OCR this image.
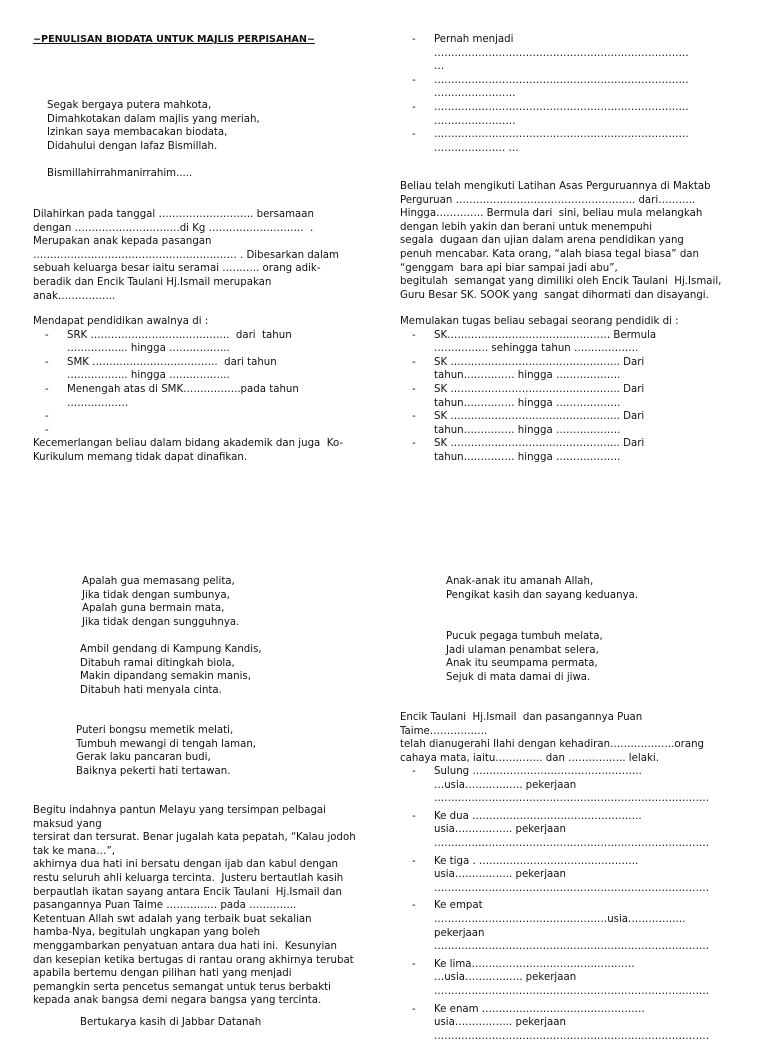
~PENULISAN BIODATA UNTUK MAJLIS PERPISAHAN~
Segak bergaya putera mahkota,
Dimahkotakan dalam majlis yang meriah,
Izinkan saya membacakan biodata,
Didahului dengan lafaz Bismillah.
Bismillahirrahmanirrahim.....
Dilahirkan pada tanggal ………………………. bersamaan
dengan ………………………….di Kg ……………………….  .
Merupakan anak kepada pasangan
…………………………………………………… . Dibesarkan dalam
sebuah keluarga besar iaitu seramai ……….. orang adik-
beradik dan Encik Taulani Hj.Ismail merupakan
anak……………..
Mendapat pendidikan awalnya di :
- SRK …………………………………..  dari  tahun
……………... hingga ……………...
- SMK ……………………………….  dari tahun
……………... hingga ……………...
- Menengah atas di SMK……………..pada tahun
………………
-

-

Kecemerlangan beliau dalam bidang akademik dan juga  Ko-
Kurikulum memang tidak dapat dinafikan.
Apalah gua memasang pelita,
Jika tidak dengan sumbunya,
Apalah guna bermain mata,
Jika tidak dengan sungguhnya.
Ambil gendang di Kampung Kandis,
Ditabuh ramai ditingkah biola,
Makin dipandang semakin manis,
Ditabuh hati menyala cinta.
Puteri bongsu memetik melati,
Tumbuh mewangi di tengah laman,
Gerak laku pancaran budi,
Baiknya pekerti hati tertawan.
Begitu indahnya pantun Melayu yang tersimpan pelbagai
maksud yang
tersirat dan tersurat. Benar jugalah kata pepatah, “Kalau jodoh
tak ke mana…”,
akhirnya dua hati ini bersatu dengan ijab dan kabul dengan
restu seluruh ahli keluarga tercinta.  Justeru bertautlah kasih
berpautlah ikatan sayang antara Encik Taulani  Hj.Ismail dan
pasangannya Puan Taime …………… pada …………..
Ketentuan Allah swt adalah yang terbaik buat sekalian
hamba-Nya, begitulah ungkapan yang boleh
menggambarkan penyatuan antara dua hati ini.  Kesunyian
dan kesepian ketika bertugas di rantau orang akhirnya terubat
apabila bertemu dengan pilihan hati yang menjadi
pemangkin serta pencetus semangat untuk terus berbakti
kepada anak bangsa demi negara bangsa yang tercinta.
Bertukarya kasih di Jabbar Datanah
- Pernah menjadi
…………………………………………………………………
…
- …………………………………………………………………
……………………
- …………………………………………………………………
……………………
- …………………………………………………………………
………………… …
Beliau telah mengikuti Latihan Asas Perguruannya di Maktab
Perguruan …………………………………………….. dari………..
Hingga………….. Bermula dari  sini, beliau mula melangkah
dengan lebih yakin dan berani untuk menempuhi
segala  dugaan dan ujian dalam arena pendidikan yang
penuh mencabar. Kata orang, “alah biasa tegal biasa” dan
“genggam  bara api biar sampai jadi abu”,
begitulah  semangat yang dimiliki oleh Encik Taulani  Hj.Ismail,
Guru Besar SK. SOOK yang  sangat dihormati dan disayangi.
Memulakan tugas beliau sebagai seorang pendidik di :
- SK………………………………………… Bermula
……………. sehingga tahun ……………….
- SK ………………………………………….. Dari
tahun…………… hingga ……………….
- SK ………………………………………….. Dari
tahun…………… hingga ……………….
- SK ………………………………………….. Dari
tahun…………… hingga ……………….
- SK ………………………………………….. Dari
tahun…………… hingga ……………….
Anak-anak itu amanah Allah,
Pengikat kasih dan sayang keduanya.
Pucuk pegaga tumbuh melata,
Jadi ulaman penambat selera,
Anak itu seumpama permata,
Sejuk di mata damai di jiwa.
Encik Taulani  Hj.Ismail  dan pasangannya Puan
Taime……………..
telah dianugerahi Ilahi dengan kehadiran……………….orang
cahaya mata, iaitu………….. dan …………….. lelaki.
- Sulung …………………………………………..
…usia…………….. pekerjaan
………………………………………………………………………
- Ke dua …………………………………………..
usia…………….. pekerjaan
………………………………………………………………………
- Ke tiga . ………………………………………..
usia…………….. pekerjaan
………………………………………………………………………
- Ke empat
……………………………………………usia……………..
pekerjaan
………………………………………………………………………
- Ke lima…………………………………………
…usia…………….. pekerjaan
………………………………………………………………………
- Ke enam …………………………………………
usia…………….. pekerjaan
………………………………………………………………………
